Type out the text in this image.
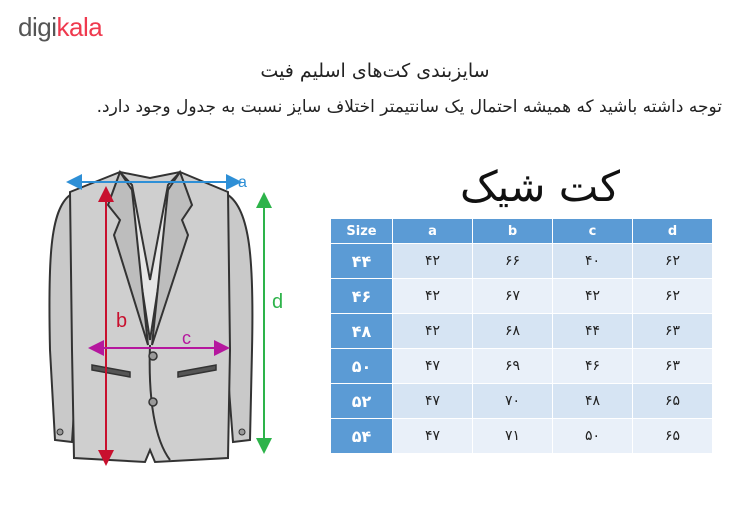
digikala
سایزبندی کت‌های اسلیم فیت
توجه داشته باشید که همیشه احتمال یک سانتیمتر اختلاف سایز نسبت به جدول وجود دارد.
a
b
c
d
کت شیک
Size	a	b	c	d
۴۴	۴۲	۶۶	۴۰	۶۲
۴۶	۴۲	۶۷	۴۲	۶۲
۴۸	۴۲	۶۸	۴۴	۶۳
۵۰	۴۷	۶۹	۴۶	۶۳
۵۲	۴۷	۷۰	۴۸	۶۵
۵۴	۴۷	۷۱	۵۰	۶۵
